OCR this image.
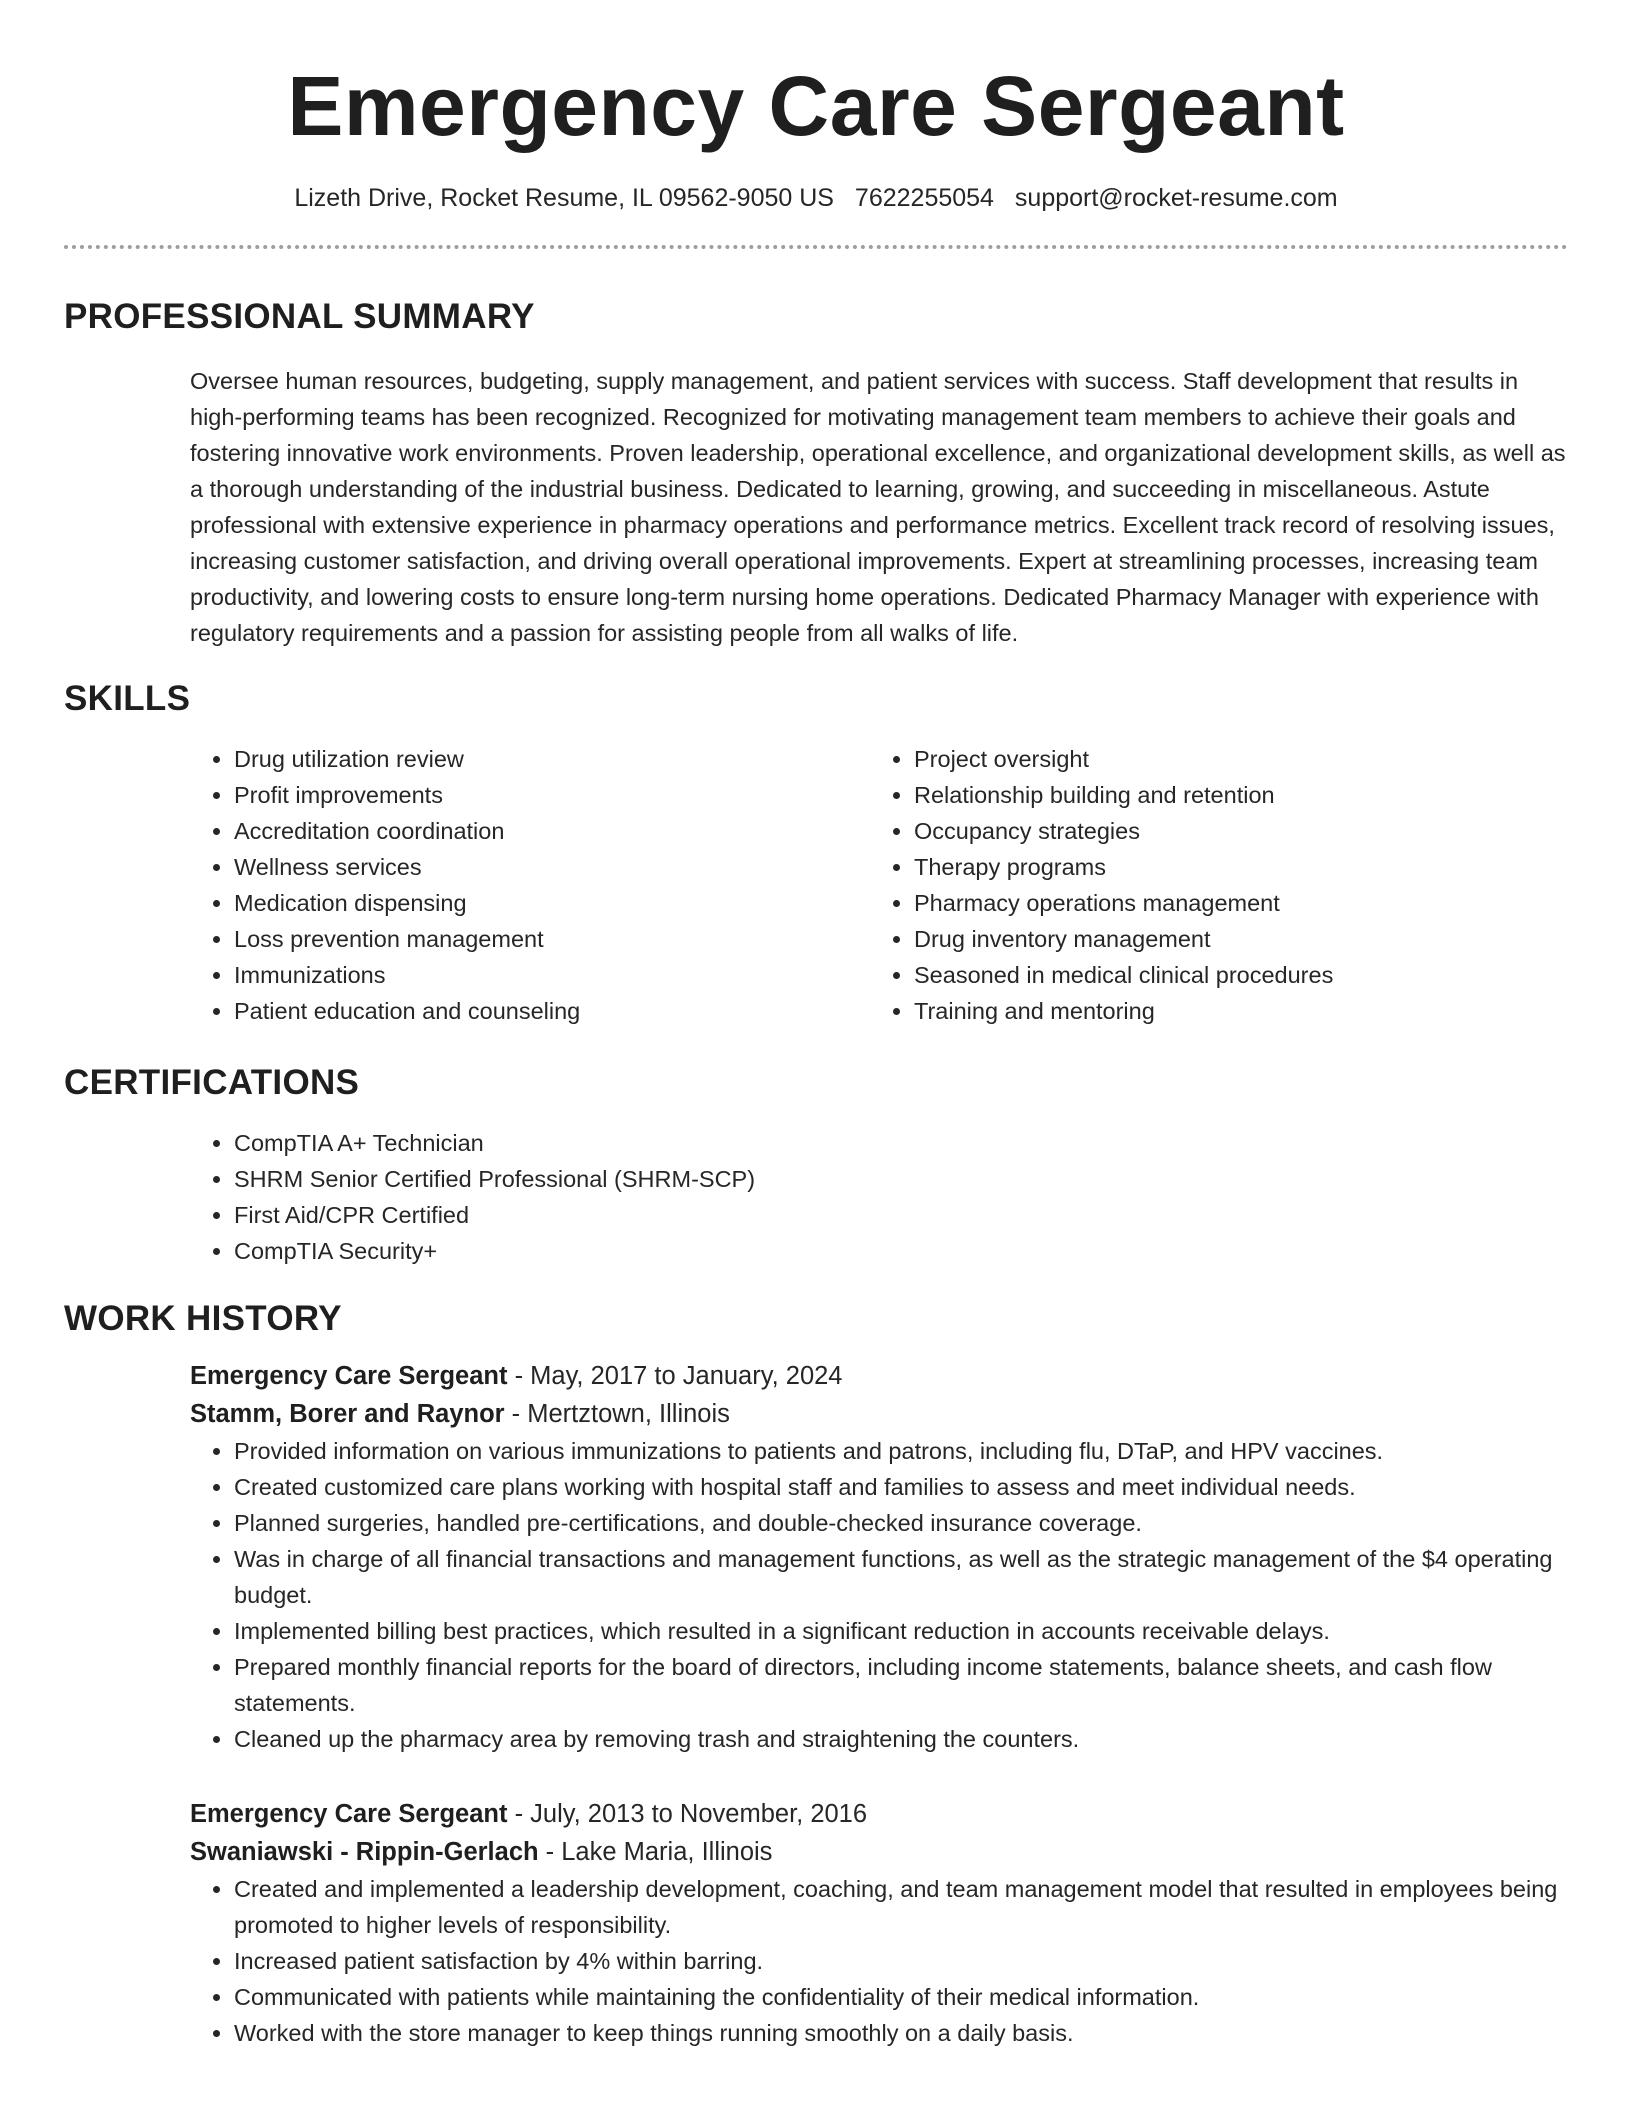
Emergency Care Sergeant
Lizeth Drive, Rocket Resume, IL 09562-9050 US 7622255054 support@rocket-resume.com
PROFESSIONAL SUMMARY

Oversee human resources, budgeting, supply management, and patient services with success. Staff development that results in high-performing teams has been recognized. Recognized for motivating management team members to achieve their goals and fostering innovative work environments. Proven leadership, operational excellence, and organizational development skills, as well as a thorough understanding of the industrial business. Dedicated to learning, growing, and succeeding in miscellaneous. Astute professional with extensive experience in pharmacy operations and performance metrics. Excellent track record of resolving issues, increasing customer satisfaction, and driving overall operational improvements. Expert at streamlining processes, increasing team productivity, and lowering costs to ensure long-term nursing home operations. Dedicated Pharmacy Manager with experience with regulatory requirements and a passion for assisting people from all walks of life.

SKILLS
• Drug utilization review
• Profit improvements
• Accreditation coordination
• Wellness services
• Medication dispensing
• Loss prevention management
• Immunizations
• Patient education and counseling
• Project oversight
• Relationship building and retention
• Occupancy strategies
• Therapy programs
• Pharmacy operations management
• Drug inventory management
• Seasoned in medical clinical procedures
• Training and mentoring
CERTIFICATIONS
• CompTIA A+ Technician
• SHRM Senior Certified Professional (SHRM-SCP)
• First Aid/CPR Certified
• CompTIA Security+
WORK HISTORY
Emergency Care Sergeant - May, 2017 to January, 2024
Stamm, Borer and Raynor - Mertztown, Illinois
• Provided information on various immunizations to patients and patrons, including flu, DTaP, and HPV vaccines.
• Created customized care plans working with hospital staff and families to assess and meet individual needs.
• Planned surgeries, handled pre-certifications, and double-checked insurance coverage.
• Was in charge of all financial transactions and management functions, as well as the strategic management of the $4 operating budget.
• Implemented billing best practices, which resulted in a significant reduction in accounts receivable delays.
• Prepared monthly financial reports for the board of directors, including income statements, balance sheets, and cash flow statements.
• Cleaned up the pharmacy area by removing trash and straightening the counters.
Emergency Care Sergeant - July, 2013 to November, 2016
Swaniawski - Rippin-Gerlach - Lake Maria, Illinois
• Created and implemented a leadership development, coaching, and team management model that resulted in employees being promoted to higher levels of responsibility.
• Increased patient satisfaction by 4% within barring.
• Communicated with patients while maintaining the confidentiality of their medical information.
• Worked with the store manager to keep things running smoothly on a daily basis.
